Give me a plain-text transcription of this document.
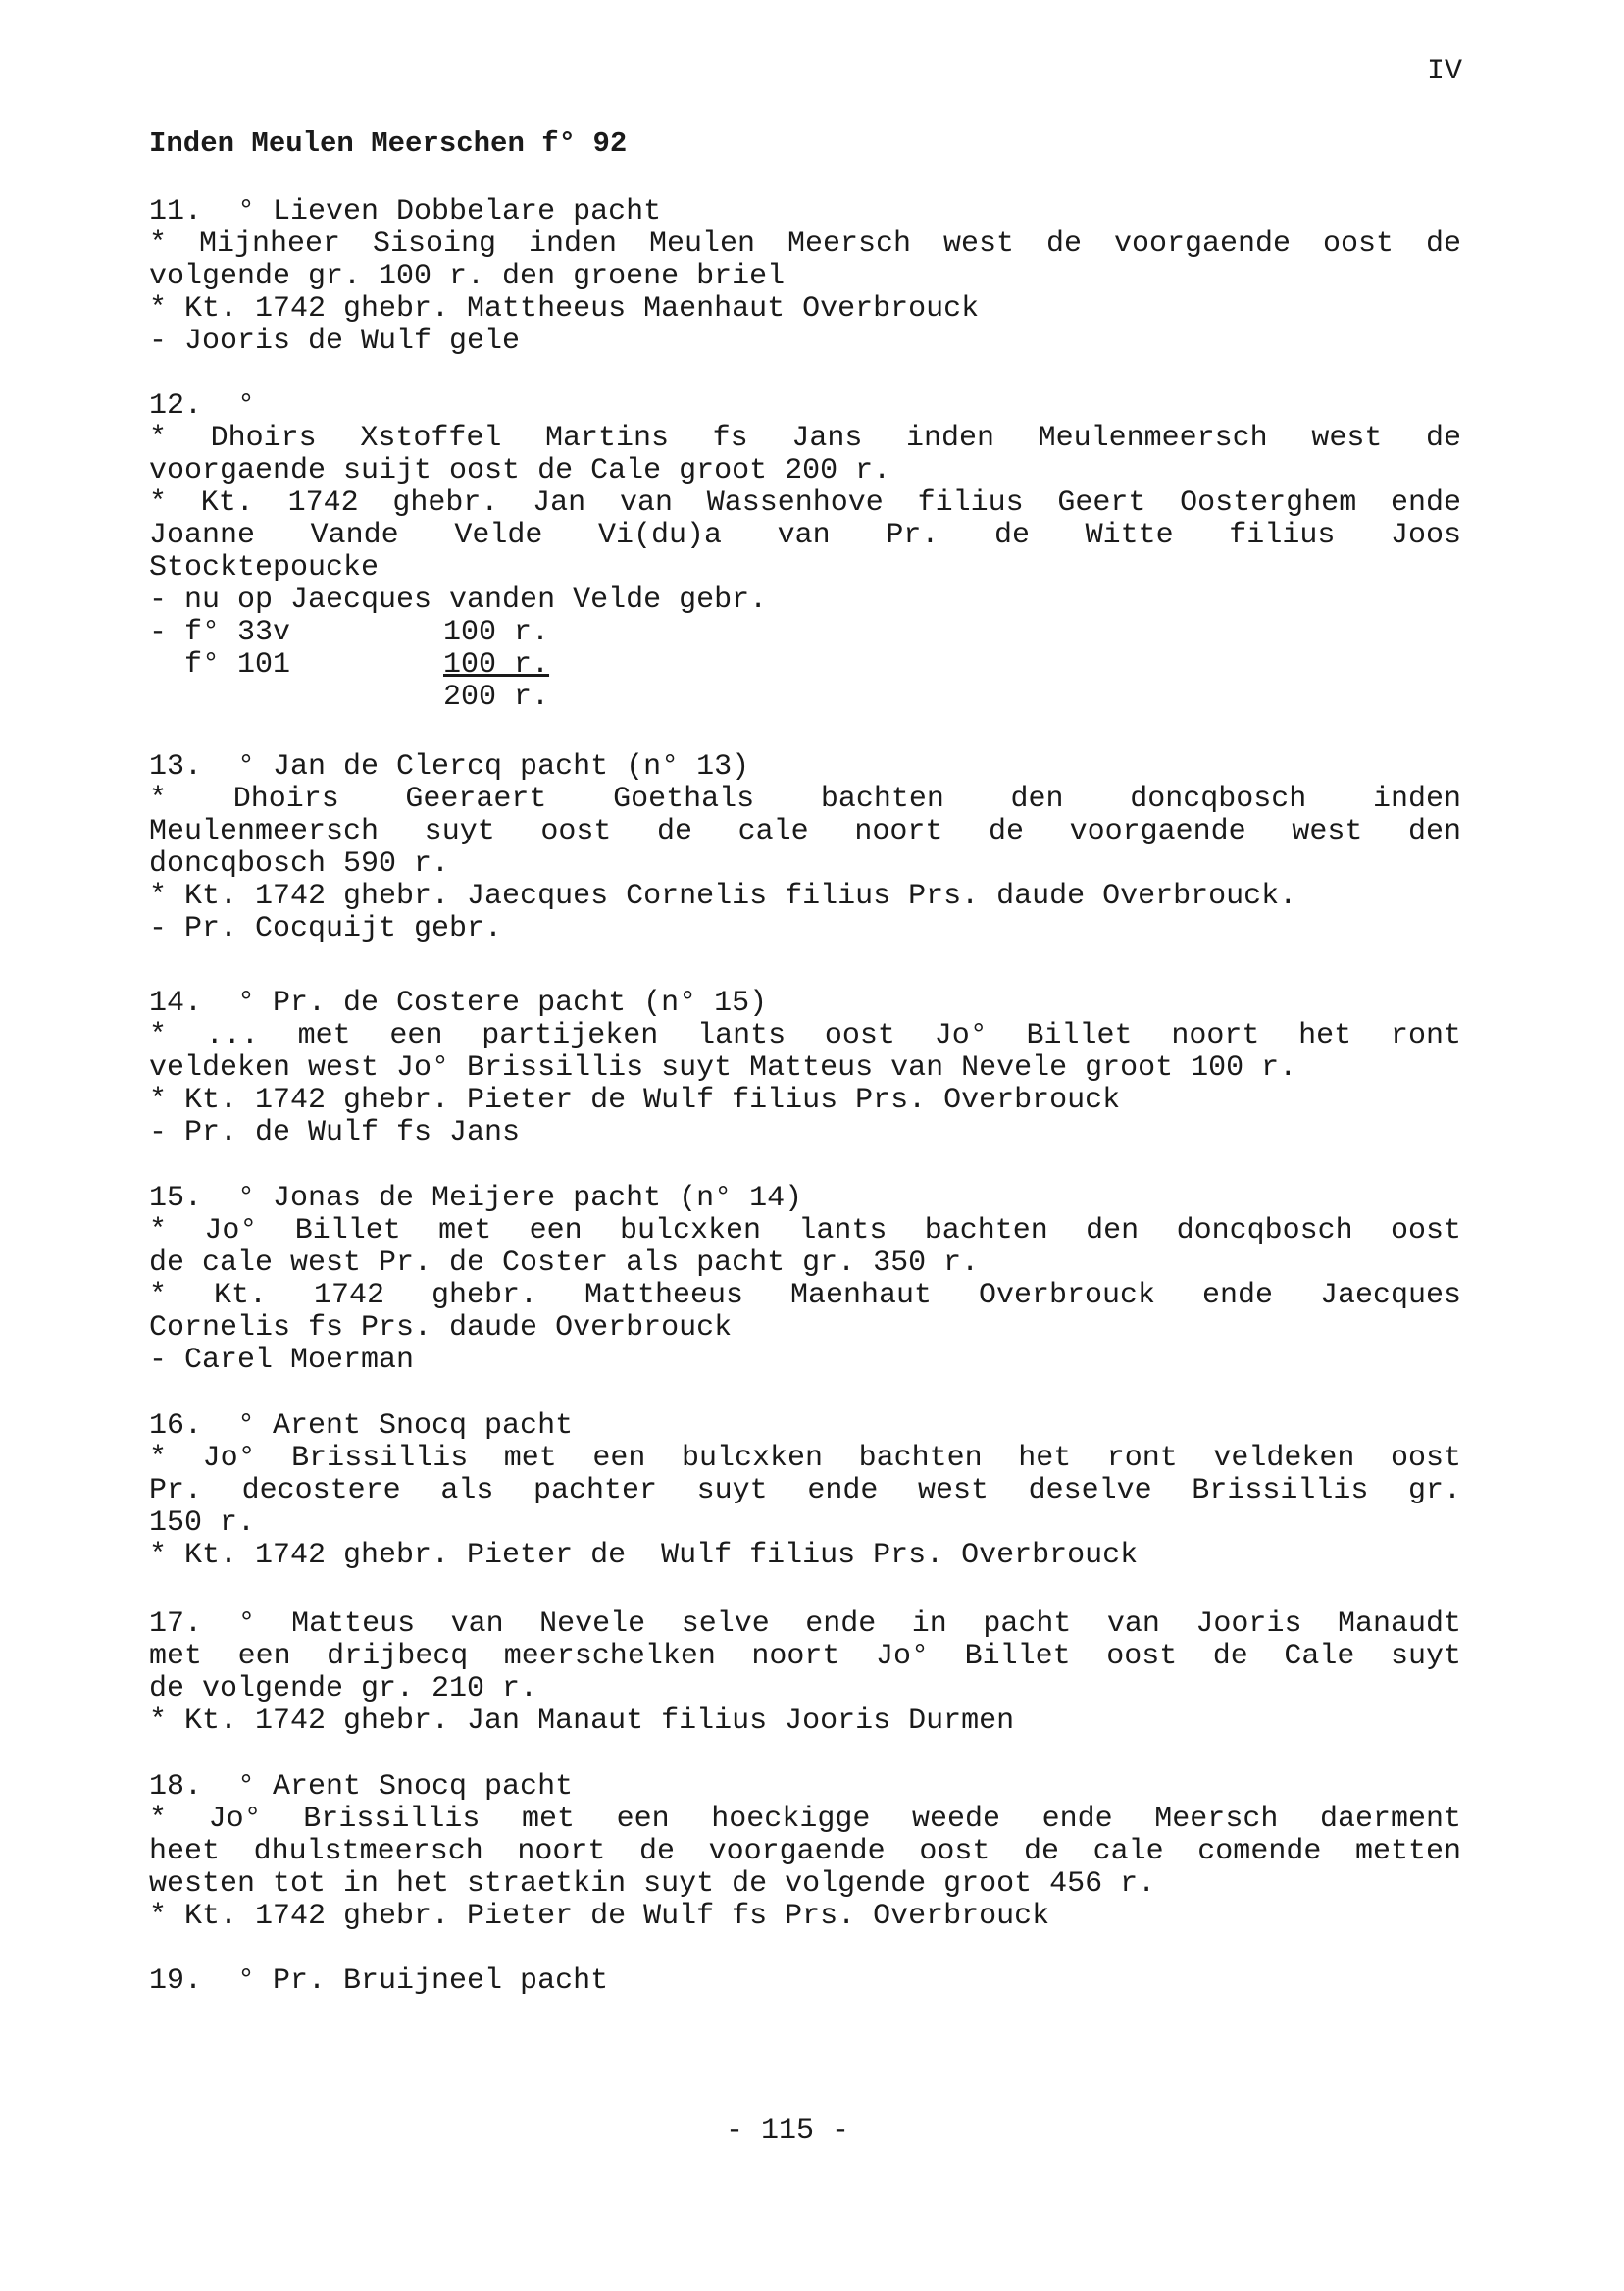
IV
Inden Meulen Meerschen f° 92
11.  ° Lieven Dobbelare pacht
* Mijnheer Sisoing inden Meulen Meersch west de voorgaende oost de
volgende gr. 100 r. den groene briel
* Kt. 1742 ghebr. Mattheeus Maenhaut Overbrouck
- Jooris de Wulf gele
12.  °
* Dhoirs Xstoffel Martins fs Jans inden Meulenmeersch west de
voorgaende suijt oost de Cale groot 200 r.
* Kt. 1742 ghebr. Jan van Wassenhove filius Geert Oosterghem ende
Joanne Vande Velde Vi(du)a van Pr. de Witte filius Joos
Stocktepoucke
- nu op Jaecques vanden Velde gebr.
- f° 33v	100 r.
f° 101	100 r.
200 r.
13.  ° Jan de Clercq pacht (n° 13)
* Dhoirs Geeraert Goethals bachten den doncqbosch inden
Meulenmeersch suyt oost de cale noort de voorgaende west den
doncqbosch 590 r.
* Kt. 1742 ghebr. Jaecques Cornelis filius Prs. daude Overbrouck.
- Pr. Cocquijt gebr.
14.  ° Pr. de Costere pacht (n° 15)
* ... met een partijeken lants oost Jo° Billet noort het ront
veldeken west Jo° Brissillis suyt Matteus van Nevele groot 100 r.
* Kt. 1742 ghebr. Pieter de Wulf filius Prs. Overbrouck
- Pr. de Wulf fs Jans
15.  ° Jonas de Meijere pacht (n° 14)
* Jo° Billet met een bulcxken lants bachten den doncqbosch oost
de cale west Pr. de Coster als pacht gr. 350 r.
* Kt. 1742 ghebr. Mattheeus Maenhaut Overbrouck ende Jaecques
Cornelis fs Prs. daude Overbrouck
- Carel Moerman
16.  ° Arent Snocq pacht
* Jo° Brissillis met een bulcxken bachten het ront veldeken oost
Pr. decostere als pachter suyt ende west deselve Brissillis gr.
150 r.
* Kt. 1742 ghebr. Pieter de  Wulf filius Prs. Overbrouck
17. ° Matteus van Nevele selve ende in pacht van Jooris Manaudt
met een drijbecq meerschelken noort Jo° Billet oost de Cale suyt
de volgende gr. 210 r.
* Kt. 1742 ghebr. Jan Manaut filius Jooris Durmen
18.  ° Arent Snocq pacht
* Jo° Brissillis met een hoeckigge weede ende Meersch daerment
heet dhulstmeersch noort de voorgaende oost de cale comende metten
westen tot in het straetkin suyt de volgende groot 456 r.
* Kt. 1742 ghebr. Pieter de Wulf fs Prs. Overbrouck
19.  ° Pr. Bruijneel pacht
- 115 -
